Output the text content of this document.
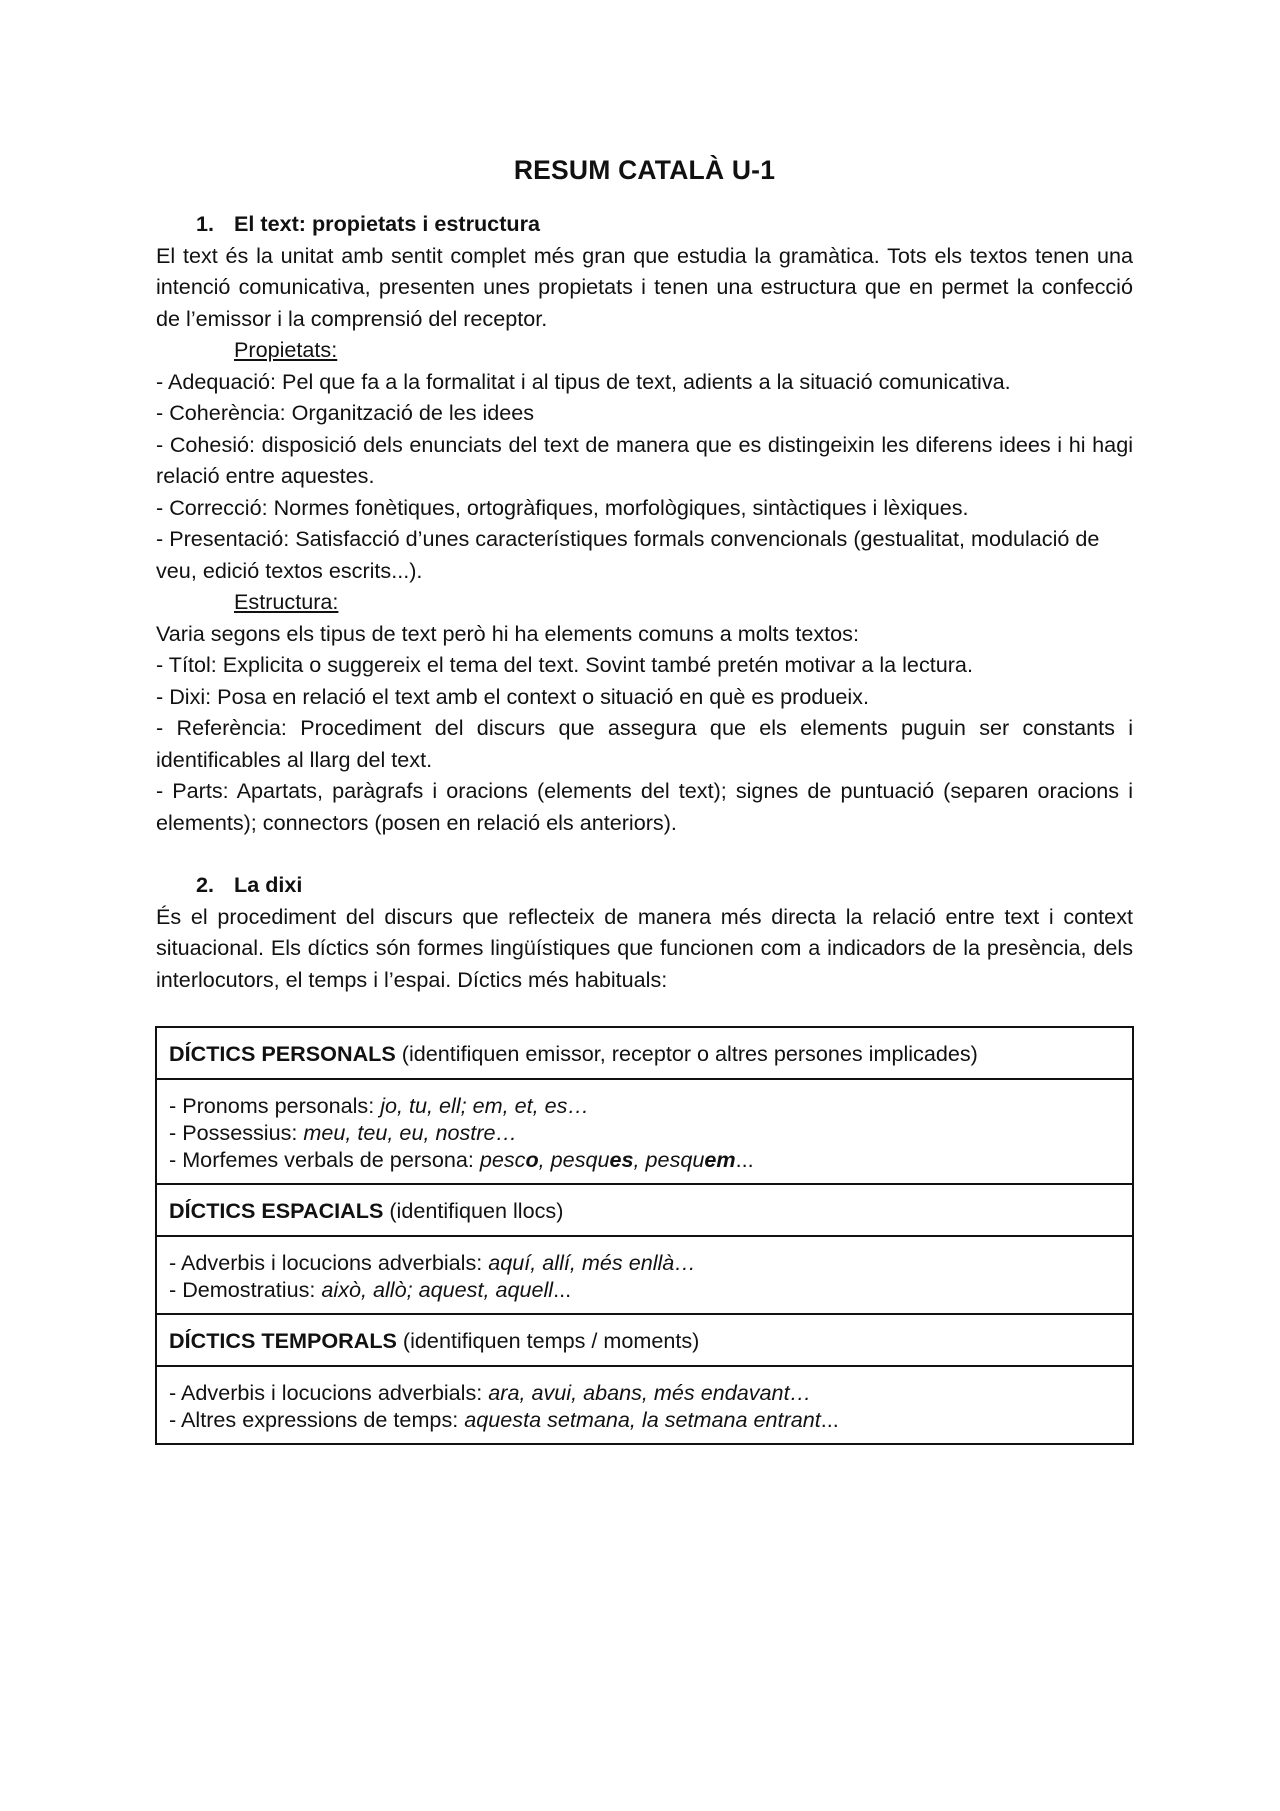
RESUM CATALÀ U-1
1. El text: propietats i estructura

El text és la unitat amb sentit complet més gran que estudia la gramàtica. Tots els textos tenen una intenció comunicativa, presenten unes propietats i tenen una estructura que en permet la confecció de l’emissor i la comprensió del receptor.

Propietats:

- Adequació: Pel que fa a la formalitat i al tipus de text, adients a la situació comunicativa.

- Coherència: Organització de les idees

- Cohesió: disposició dels enunciats del text de manera que es distingeixin les diferens idees i hi hagi relació entre aquestes.

- Correcció: Normes fonètiques, ortogràfiques, morfològiques, sintàctiques i lèxiques.

- Presentació: Satisfacció d’unes característiques formals convencionals (gestualitat, modulació de veu, edició textos escrits...).

Estructura:

Varia segons els tipus de text però hi ha elements comuns a molts textos:

- Títol: Explicita o suggereix el tema del text. Sovint també pretén motivar a la lectura.

- Dixi: Posa en relació el text amb el context o situació en què es produeix.

- Referència: Procediment del discurs que assegura que els elements puguin ser constants i identificables al llarg del text.

- Parts: Apartats, paràgrafs i oracions (elements del text); signes de puntuació (separen oracions i elements); connectors (posen en relació els anteriors).

2. La dixi

És el procediment del discurs que reflecteix de manera més directa la relació entre text i context situacional. Els díctics són formes lingüístiques que funcionen com a indicadors de la presència, dels interlocutors, el temps i l’espai. Díctics més habituals:

DÍCTICS PERSONALS (identifiquen emissor, receptor o altres persones implicades)

- Pronoms personals: jo, tu, ell; em, et, es…
- Possessius: meu, teu, eu, nostre…
- Morfemes verbals de persona: pesco, pesques, pesquem...

DÍCTICS ESPACIALS (identifiquen llocs)

- Adverbis i locucions adverbials: aquí, allí, més enllà…
- Demostratius: això, allò; aquest, aquell...

DÍCTICS TEMPORALS (identifiquen temps / moments)

- Adverbis i locucions adverbials: ara, avui, abans, més endavant…
- Altres expressions de temps: aquesta setmana, la setmana entrant...
